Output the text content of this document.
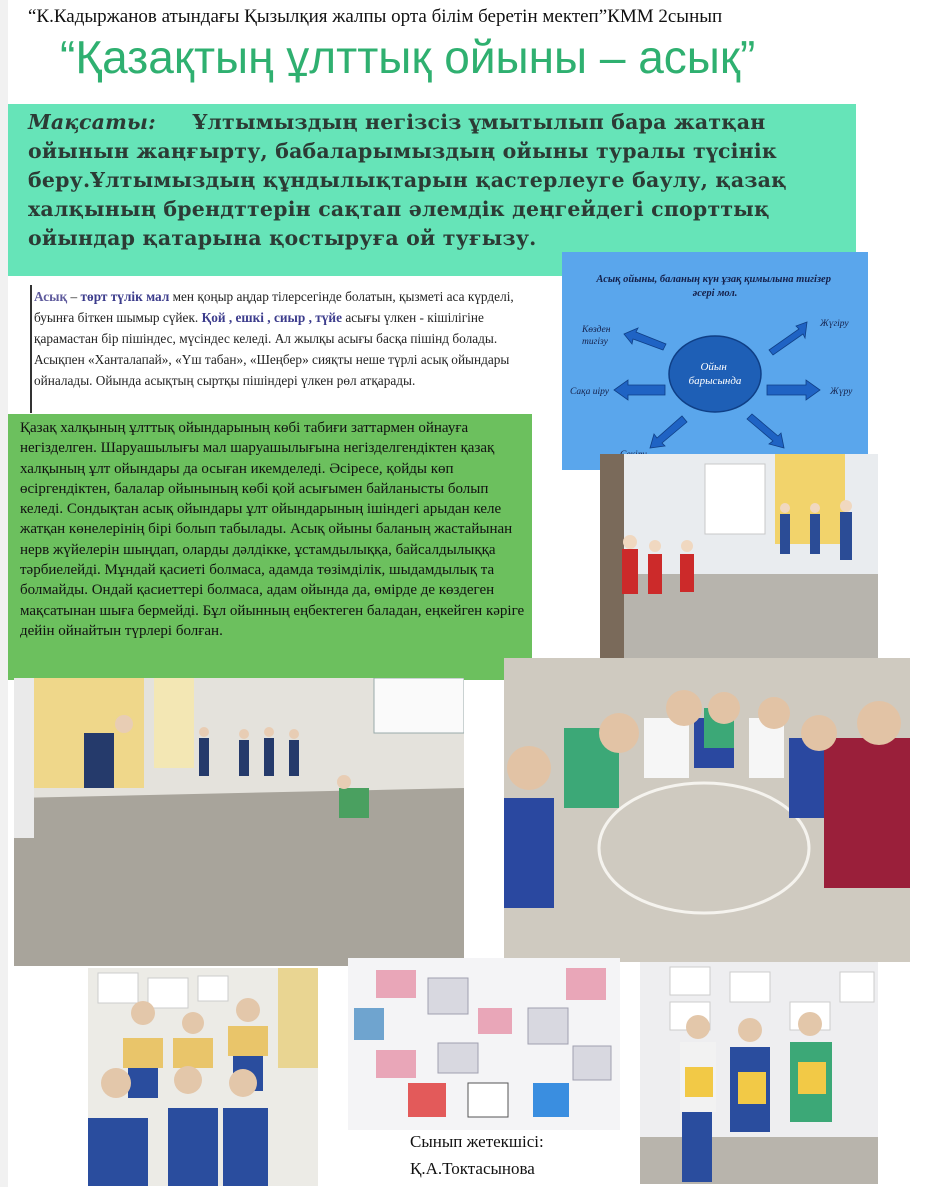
“К.Кадыржанов атындағы Қызылқия жалпы орта білім беретін мектеп”КММ 2сынып
“Қазақтың ұлттық ойыны – асық”
Мақсаты: Ұлтымыздың негізсіз ұмытылып бара жатқан ойынын жаңғырту, бабаларымыздың ойыны туралы түсінік беру.Ұлтымыздың құндылықтарын қастерлеуге баулу, қазақ халқының брендттерін сақтап әлемдік деңгейдегі спорттық ойындар қатарына қостыруға ой туғызу.
Асық – төрт түлік мал мен қоңыр аңдар тілерсегінде болатын, қызметі аса күрделі, буынға біткен шымыр сүйек. Қой , ешкі , сиыр , түйе асығы үлкен - кішілігіне қарамастан бір пішіндес, мүсіндес келеді. Ал жылқы асығы басқа пішінд болады. Асықпен «Ханталапай», «Үш табан», «Шеңбер» сияқты неше түрлі асық ойындары ойналады. Ойында асықтың сыртқы пішіндері үлкен рөл атқарады.
Қазақ халқының ұлттық ойындарының көбі табиғи заттармен ойнауға негізделген. Шаруашылығы мал шаруашылығына негізделгендіктен қазақ халқының ұлт ойындары да осыған икемделеді. Әсіресе, қойды көп өсіргендіктен, балалар ойынының көбі қой асығымен байланысты болып келеді. Сондықтан асық ойындары ұлт ойындарының ішіндегі арыдан келе жатқан көнелерінің бірі болып табылады. Асық ойыны баланың жастайынан нерв жүйелерін шыңдап, оларды дәлдікке, ұстамдылыққа, байсалдылыққа тәрбиелейді. Мұндай қасиеті болмаса, адамда төзімділік, шыдамдылық та болмайды. Ондай қасиеттері болмаса, адам ойында да, өмірде де көздеген мақсатынан шыға бермейді. Бұл ойынның еңбектеген баладан, еңкейген кәріге дейін ойнайтын түрлері болған.
Асық ойыны, баланың күн ұзақ қимылына тигізер әсері мол.
Ойын барысында
Көзден тигізу
Жүгіру
Сақа иіру	Жүру
Сынып жетекшісі:
Қ.А.Токтасынова
